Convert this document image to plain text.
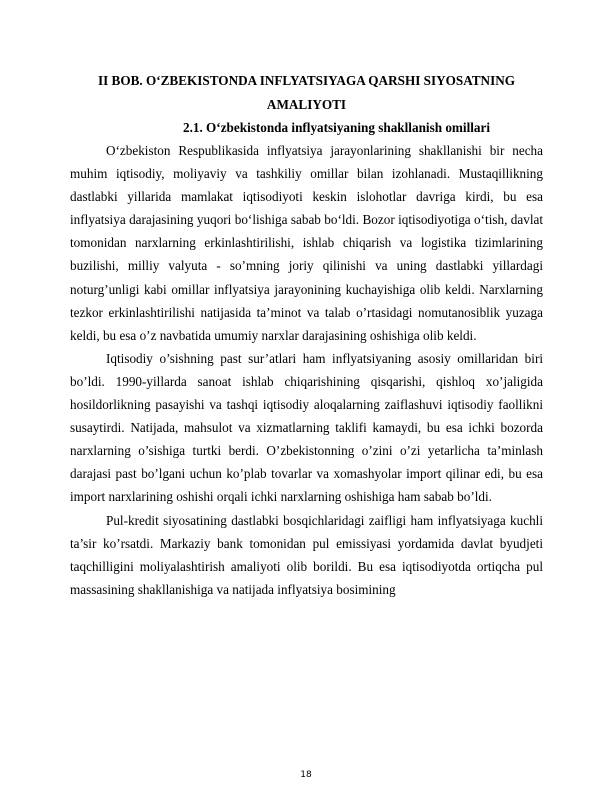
II BOB. O‘ZBEKISTONDA INFLYATSIYAGA QARSHI SIYOSATNING AMALIYOTI
2.1. O‘zbekistonda inflyatsiyaning shakllanish omillari

O‘zbekiston Respublikasida inflyatsiya jarayonlarining shakllanishi bir necha muhim iqtisodiy, moliyaviy va tashkiliy omillar bilan izohlanadi. Mustaqillikning dastlabki yillarida mamlakat iqtisodiyoti keskin islohotlar davriga kirdi, bu esa inflyatsiya darajasining yuqori bo‘lishiga sabab bo‘ldi. Bozor iqtisodiyotiga o‘tish, davlat tomonidan narxlarning erkinlashtirilishi, ishlab chiqarish va logistika tizimlarining buzilishi, milliy valyuta - so’mning joriy qilinishi va uning dastlabki yillardagi noturg’unligi kabi omillar inflyatsiya jarayonining kuchayishiga olib keldi. Narxlarning tezkor erkinlashtirilishi natijasida ta’minot va talab o’rtasidagi nomutanosiblik yuzaga keldi, bu esa o’z navbatida umumiy narxlar darajasining oshishiga olib keldi.

Iqtisodiy o’sishning past sur’atlari ham inflyatsiyaning asosiy omillaridan biri bo’ldi. 1990-yillarda sanoat ishlab chiqarishining qisqarishi, qishloq xo’jaligida hosildorlikning pasayishi va tashqi iqtisodiy aloqalarning zaiflashuvi iqtisodiy faollikni susaytirdi. Natijada, mahsulot va xizmatlarning taklifi kamaydi, bu esa ichki bozorda narxlarning o’sishiga turtki berdi. O’zbekistonning o’zini o’zi yetarlicha ta’minlash darajasi past bo’lgani uchun ko’plab tovarlar va xomashyolar import qilinar edi, bu esa import narxlarining oshishi orqali ichki narxlarning oshishiga ham sabab bo’ldi.

Pul-kredit siyosatining dastlabki bosqichlaridagi zaifligi ham inflyatsiyaga kuchli ta’sir ko’rsatdi. Markaziy bank tomonidan pul emissiyasi yordamida davlat byudjeti taqchilligini moliyalashtirish amaliyoti olib borildi. Bu esa iqtisodiyotda ortiqcha pul massasining shakllanishiga va natijada inflyatsiya bosimining

18
